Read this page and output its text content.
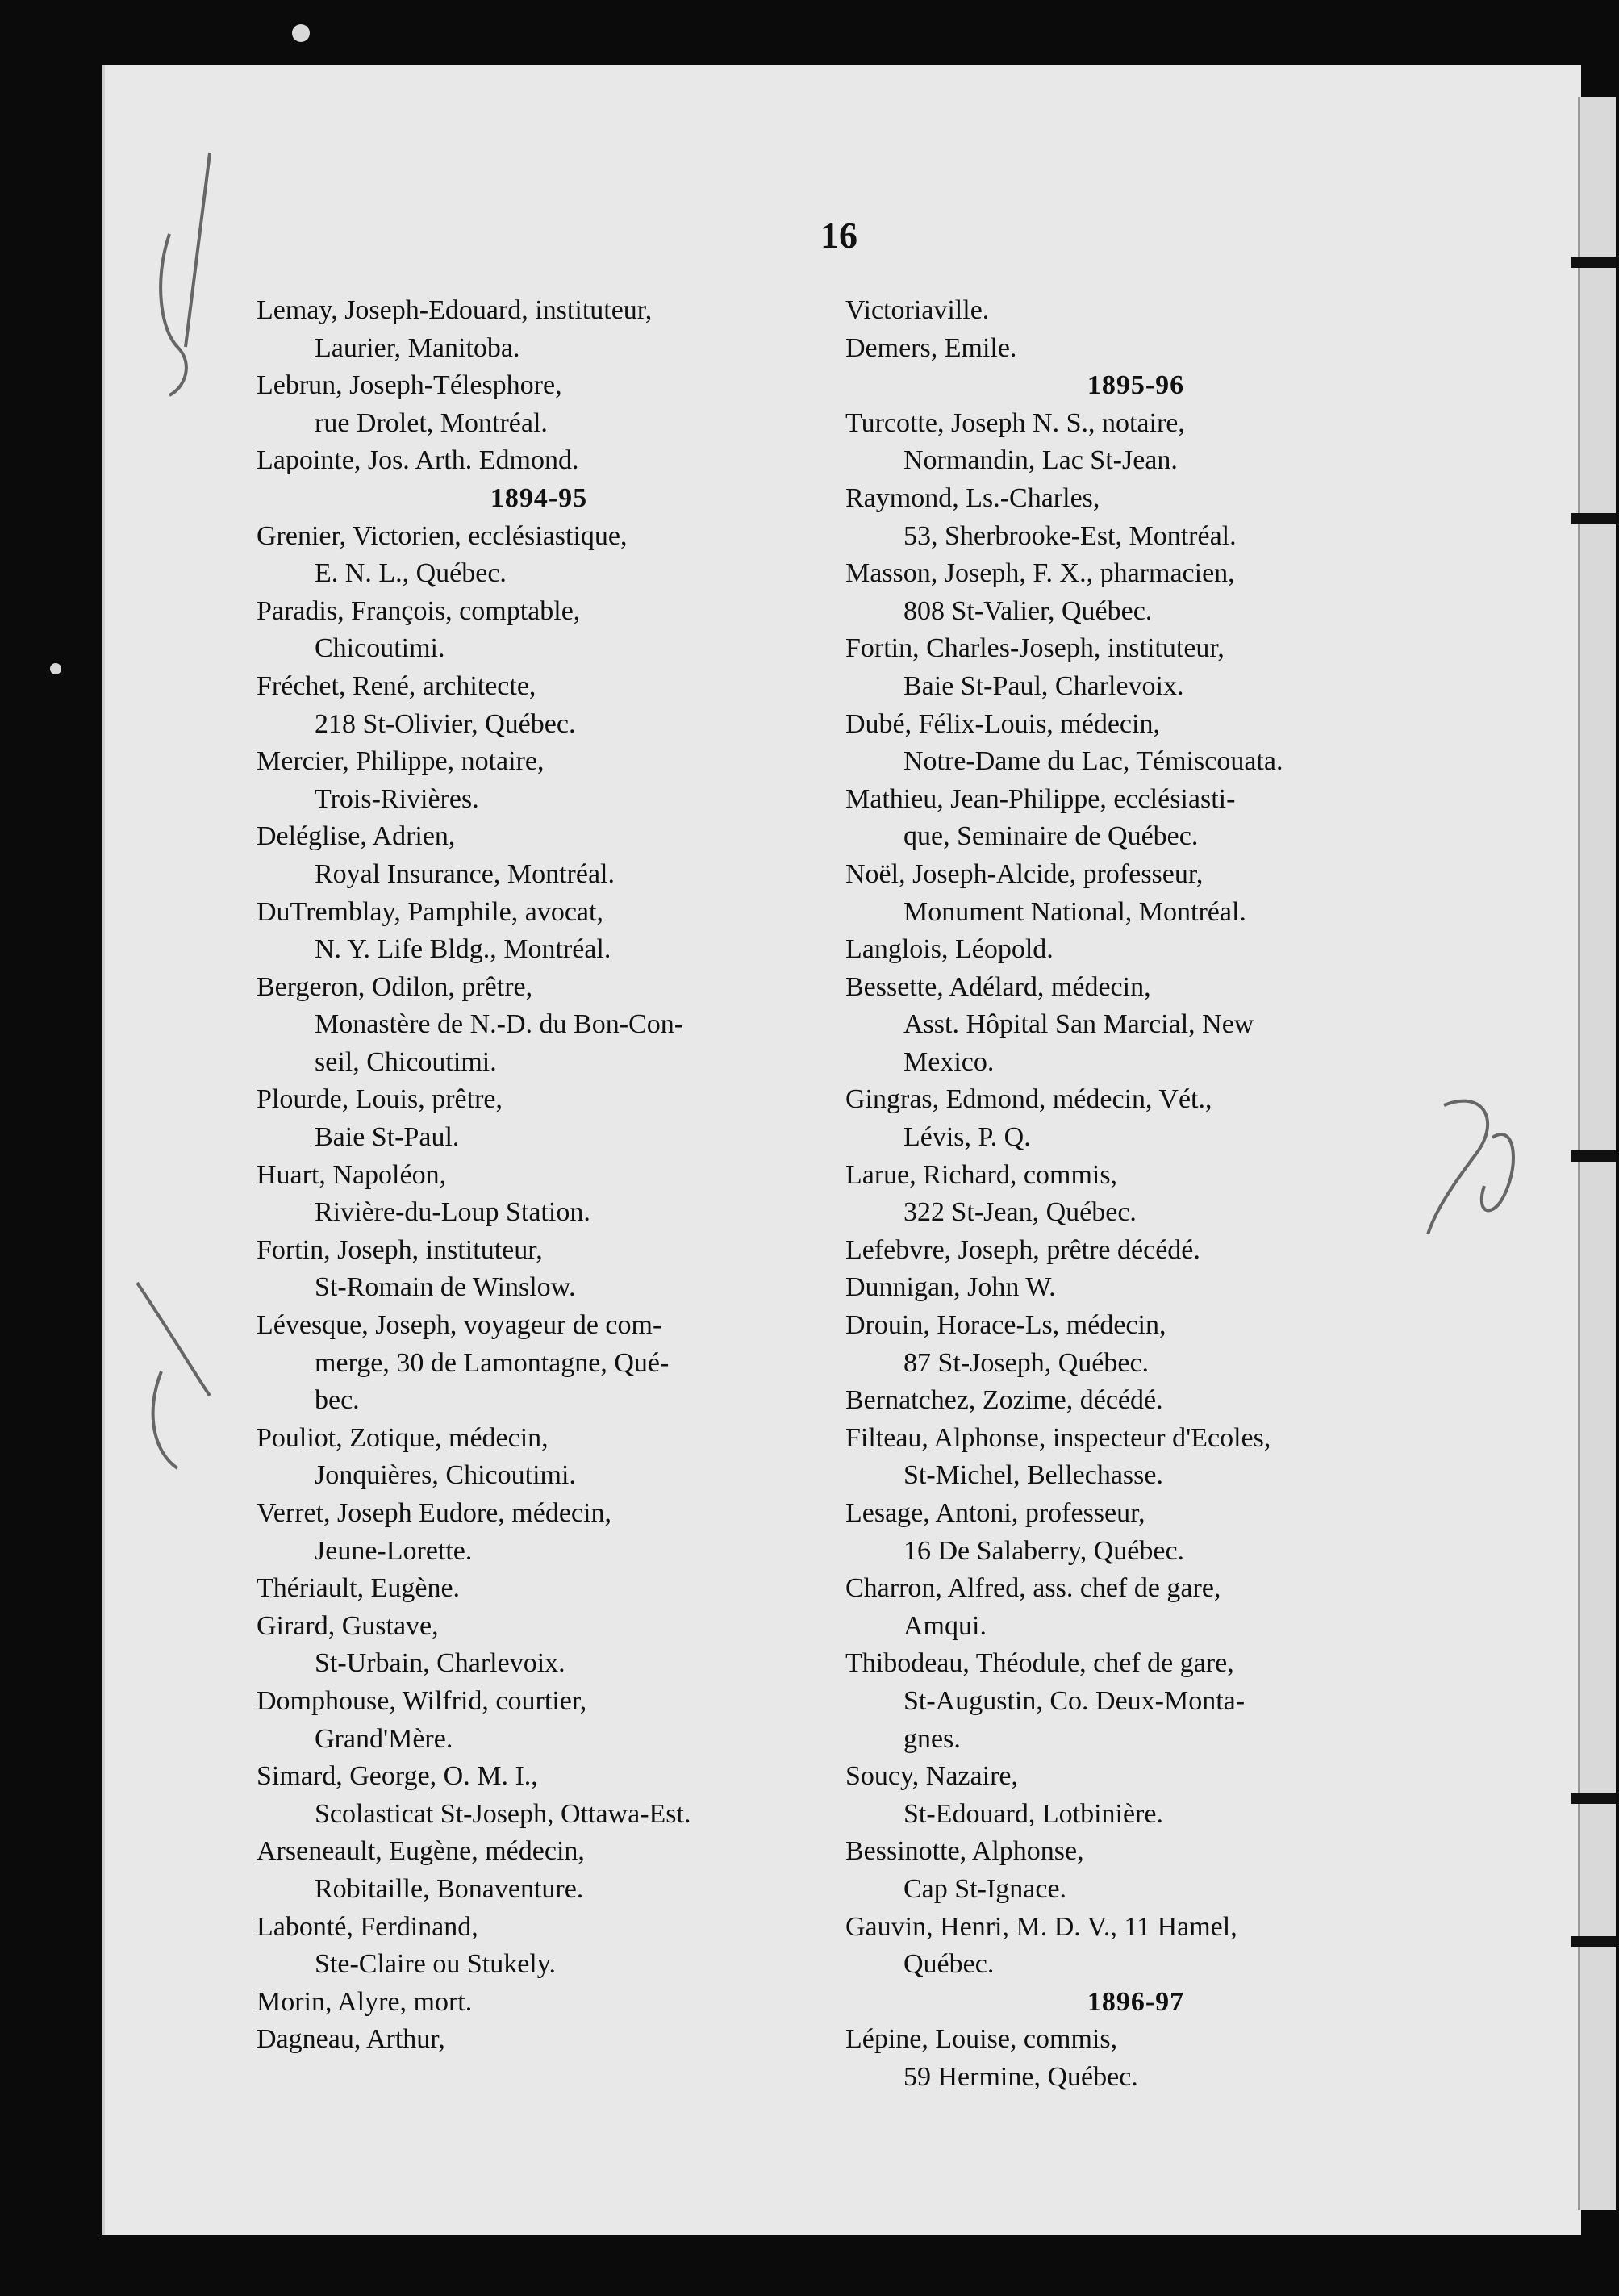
16
Lemay, Joseph-Edouard, instituteur,
Laurier, Manitoba.
Lebrun, Joseph-Télesphore,
rue Drolet, Montréal.
Lapointe, Jos. Arth. Edmond.
1894-95
Grenier, Victorien, ecclésiastique,
E. N. L., Québec.
Paradis, François, comptable,
Chicoutimi.
Fréchet, René, architecte,
218 St-Olivier, Québec.
Mercier, Philippe, notaire,
Trois-Rivières.
Deléglise, Adrien,
Royal Insurance, Montréal.
DuTremblay, Pamphile, avocat,
N. Y. Life Bldg., Montréal.
Bergeron, Odilon, prêtre,
Monastère de N.-D. du Bon-Con-
seil, Chicoutimi.
Plourde, Louis, prêtre,
Baie St-Paul.
Huart, Napoléon,
Rivière-du-Loup Station.
Fortin, Joseph, instituteur,
St-Romain de Winslow.
Lévesque, Joseph, voyageur de com-
merge, 30 de Lamontagne, Qué-
bec.
Pouliot, Zotique, médecin,
Jonquières, Chicoutimi.
Verret, Joseph Eudore, médecin,
Jeune-Lorette.
Thériault, Eugène.
Girard, Gustave,
St-Urbain, Charlevoix.
Domphouse, Wilfrid, courtier,
Grand'Mère.
Simard, George, O. M. I.,
Scolasticat St-Joseph, Ottawa-Est.
Arseneault, Eugène, médecin,
Robitaille, Bonaventure.
Labonté, Ferdinand,
Ste-Claire ou Stukely.
Morin, Alyre, mort.
Dagneau, Arthur,
Victoriaville.
Demers, Emile.
1895-96
Turcotte, Joseph N. S., notaire,
Normandin, Lac St-Jean.
Raymond, Ls.-Charles,
53, Sherbrooke-Est, Montréal.
Masson, Joseph, F. X., pharmacien,
808 St-Valier, Québec.
Fortin, Charles-Joseph, instituteur,
Baie St-Paul, Charlevoix.
Dubé, Félix-Louis, médecin,
Notre-Dame du Lac, Témiscouata.
Mathieu, Jean-Philippe, ecclésiasti-
que, Seminaire de Québec.
Noël, Joseph-Alcide, professeur,
Monument National, Montréal.
Langlois, Léopold.
Bessette, Adélard, médecin,
Asst. Hôpital San Marcial, New
Mexico.
Gingras, Edmond, médecin, Vét.,
Lévis, P. Q.
Larue, Richard, commis,
322 St-Jean, Québec.
Lefebvre, Joseph, prêtre décédé.
Dunnigan, John W.
Drouin, Horace-Ls, médecin,
87 St-Joseph, Québec.
Bernatchez, Zozime, décédé.
Filteau, Alphonse, inspecteur d'Ecoles,
St-Michel, Bellechasse.
Lesage, Antoni, professeur,
16 De Salaberry, Québec.
Charron, Alfred, ass. chef de gare,
Amqui.
Thibodeau, Théodule, chef de gare,
St-Augustin, Co. Deux-Monta-
gnes.
Soucy, Nazaire,
St-Edouard, Lotbinière.
Bessinotte, Alphonse,
Cap St-Ignace.
Gauvin, Henri, M. D. V., 11 Hamel,
Québec.
1896-97
Lépine, Louise, commis,
59 Hermine, Québec.
